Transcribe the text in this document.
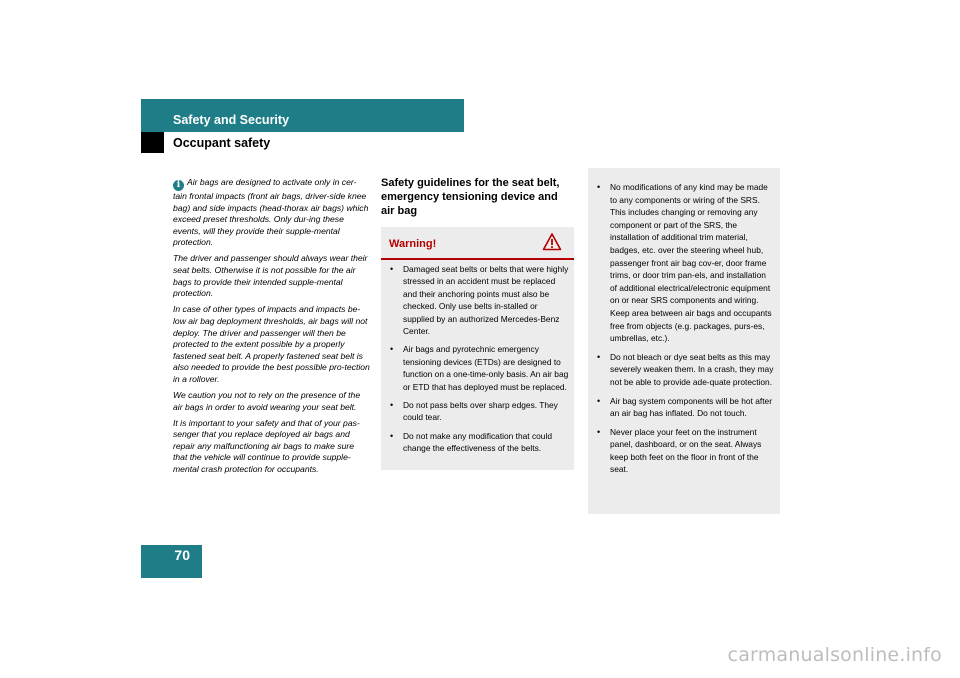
Safety and Security
Occupant safety

i Air bags are designed to activate only in cer-tain frontal impacts (front air bags, driver-side knee bag) and side impacts (head-thorax air bags) which exceed preset thresholds. Only dur-ing these events, will they provide their supple-mental protection.

The driver and passenger should always wear their seat belts. Otherwise it is not possible for the air bags to provide their intended supple-mental protection.

In case of other types of impacts and impacts be-low air bag deployment thresholds, air bags will not deploy. The driver and passenger will then be protected to the extent possible by a properly fastened seat belt. A properly fastened seat belt is also needed to provide the best possible pro-tection in a rollover.

We caution you not to rely on the presence of the air bags in order to avoid wearing your seat belt.

It is important to your safety and that of your pas-senger that you replace deployed air bags and repair any malfunctioning air bags to make sure that the vehicle will continue to provide supple-mental crash protection for occupants.

Safety guidelines for the seat belt, emergency tensioning device and air bag
Warning!
• Damaged seat belts or belts that were highly stressed in an accident must be replaced and their anchoring points must also be checked. Only use belts in-stalled or supplied by an authorized Mercedes-Benz Center.
• Air bags and pyrotechnic emergency tensioning devices (ETDs) are designed to function on a one-time-only basis. An air bag or ETD that has deployed must be replaced.
• Do not pass belts over sharp edges. They could tear.
• Do not make any modification that could change the effectiveness of the belts.
• No modifications of any kind may be made to any components or wiring of the SRS. This includes changing or removing any component or part of the SRS, the installation of additional trim material, badges, etc. over the steering wheel hub, passenger front air bag cov-er, door frame trims, or door trim pan-els, and installation of additional electrical/electronic equipment on or near SRS components and wiring. Keep area between air bags and occupants free from objects (e.g. packages, purs-es, umbrellas, etc.).
• Do not bleach or dye seat belts as this may severely weaken them. In a crash, they may not be able to provide ade-quate protection.
• Air bag system components will be hot after an air bag has inflated. Do not touch.
• Never place your feet on the instrument panel, dashboard, or on the seat. Always keep both feet on the floor in front of the seat.
70
carmanualsonline.info
